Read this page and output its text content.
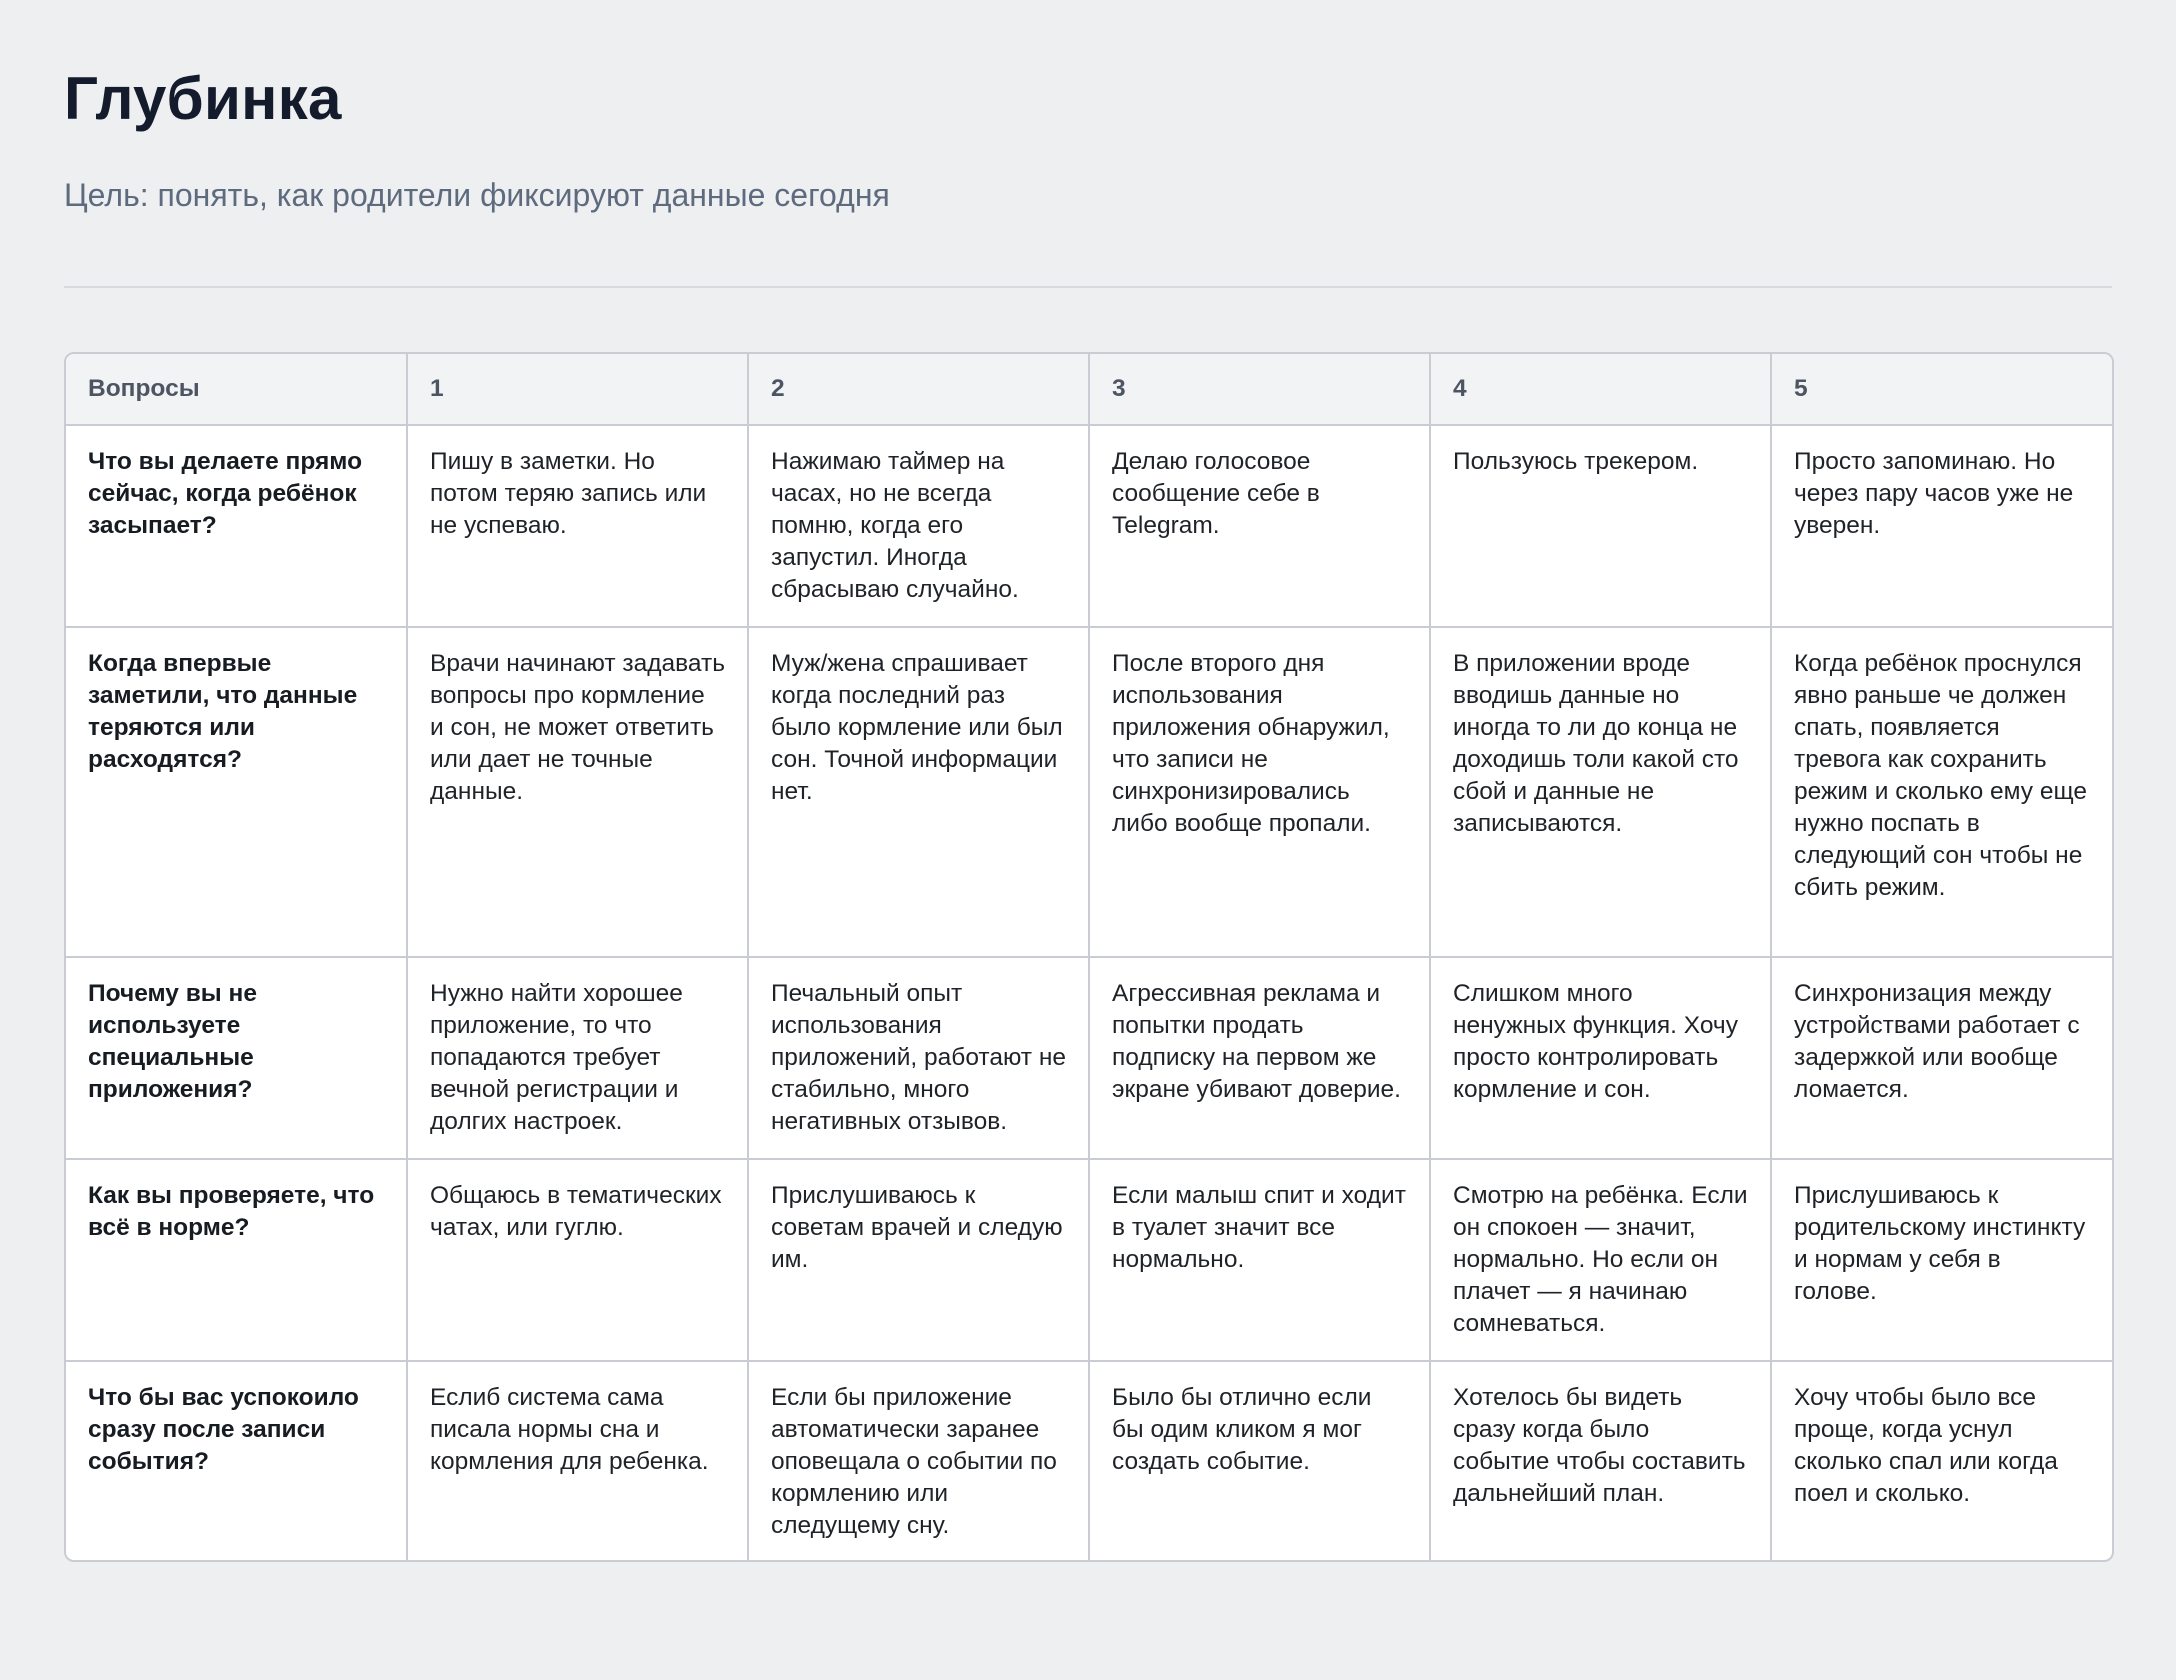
Глубинка

Цель: понять, как родители фиксируют данные сегодня

Вопросы	1	2	3	4	5
Что вы делаете прямо сейчас, когда ребёнок засыпает?	Пишу в заметки. Но потом теряю запись или не успеваю.	Нажимаю таймер на часах, но не всегда помню, когда его запустил. Иногда сбрасываю случайно.	Делаю голосовое сообщение себе в Telegram.	Пользуюсь трекером.	Просто запоминаю. Но через пару часов уже не уверен.
Когда впервые заметили, что данные теряются или расходятся?	Врачи начинают задавать вопросы про кормление и сон, не может ответить или дает не точные данные.	Муж/жена спрашивает когда последний раз было кормление или был сон. Точной информации нет.	После второго дня использования приложения обнаружил, что записи не синхронизировались либо вообще пропали.	В приложении вроде вводишь данные но иногда то ли до конца не доходишь толи какой сто сбой и данные не записываются.	Когда ребёнок проснулся явно раньше че должен спать, появляется тревога как сохранить режим и сколько ему еще нужно поспать в следующий сон чтобы не сбить режим.
Почему вы не используете специальные приложения?	Нужно найти хорошее приложение, то что попадаются требует вечной регистрации и долгих настроек.	Печальный опыт использования приложений, работают не стабильно, много негативных отзывов.	Агрессивная реклама и попытки продать подписку на первом же экране убивают доверие.	Слишком много ненужных функция. Хочу просто контролировать кормление и сон.	Синхронизация между устройствами работает с задержкой или вообще ломается.
Как вы проверяете, что всё в норме?	Общаюсь в тематических чатах, или гуглю.	Прислушиваюсь к советам врачей и следую им.	Если малыш спит и ходит в туалет значит все нормально.	Смотрю на ребёнка. Если он спокоен — значит, нормально. Но если он плачет — я начинаю сомневаться.	Прислушиваюсь к родительскому инстинкту и нормам у себя в голове.
Что бы вас успокоило сразу после записи события?	Еслиб система сама писала нормы сна и кормления для ребенка.	Если бы приложение автоматически заранее оповещала о событии по кормлению или следущему сну.	Было бы отлично если бы одим кликом я мог создать событие.	Хотелось бы видеть сразу когда было событие чтобы составить дальнейший план.	Хочу чтобы было все проще, когда уснул сколько спал или когда поел и сколько.
